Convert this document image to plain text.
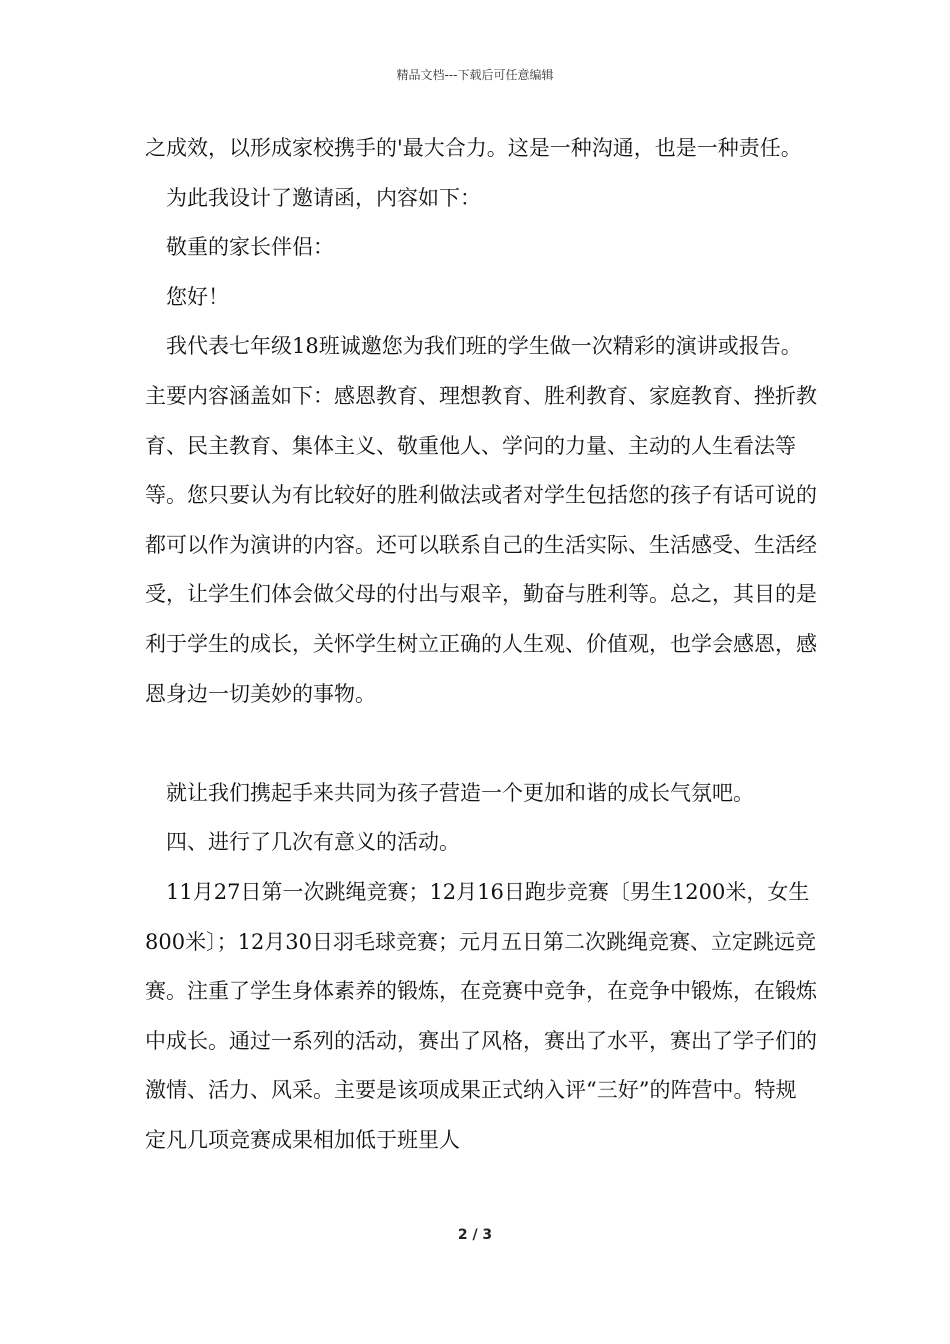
精品文档---下载后可任意编辑

之成效，以形成家校携手的'最大合力。这是一种沟通，也是一种责任。

为此我设计了邀请函，内容如下：

敬重的家长伴侣：

您好！

我代表七年级18班诚邀您为我们班的学生做一次精彩的演讲或报告。主要内容涵盖如下：感恩教育、理想教育、胜利教育、家庭教育、挫折教育、民主教育、集体主义、敬重他人、学问的力量、主动的人生看法等等。您只要认为有比较好的胜利做法或者对学生包括您的孩子有话可说的都可以作为演讲的内容。还可以联系自己的生活实际、生活感受、生活经受，让学生们体会做父母的付出与艰辛，勤奋与胜利等。总之，其目的是利于学生的成长，关怀学生树立正确的人生观、价值观，也学会感恩，感恩身边一切美妙的事物。

就让我们携起手来共同为孩子营造一个更加和谐的成长气氛吧。

四、进行了几次有意义的活动。

11月27日第一次跳绳竞赛；12月16日跑步竞赛〔男生1200米，女生800米〕；12月30日羽毛球竞赛；元月五日第二次跳绳竞赛、立定跳远竞赛。注重了学生身体素养的锻炼，在竞赛中竞争，在竞争中锻炼，在锻炼中成长。通过一系列的活动，赛出了风格，赛出了水平，赛出了学子们的激情、活力、风采。主要是该项成果正式纳入评“三好”的阵营中。特规定凡几项竞赛成果相加低于班里人

2 / 3
